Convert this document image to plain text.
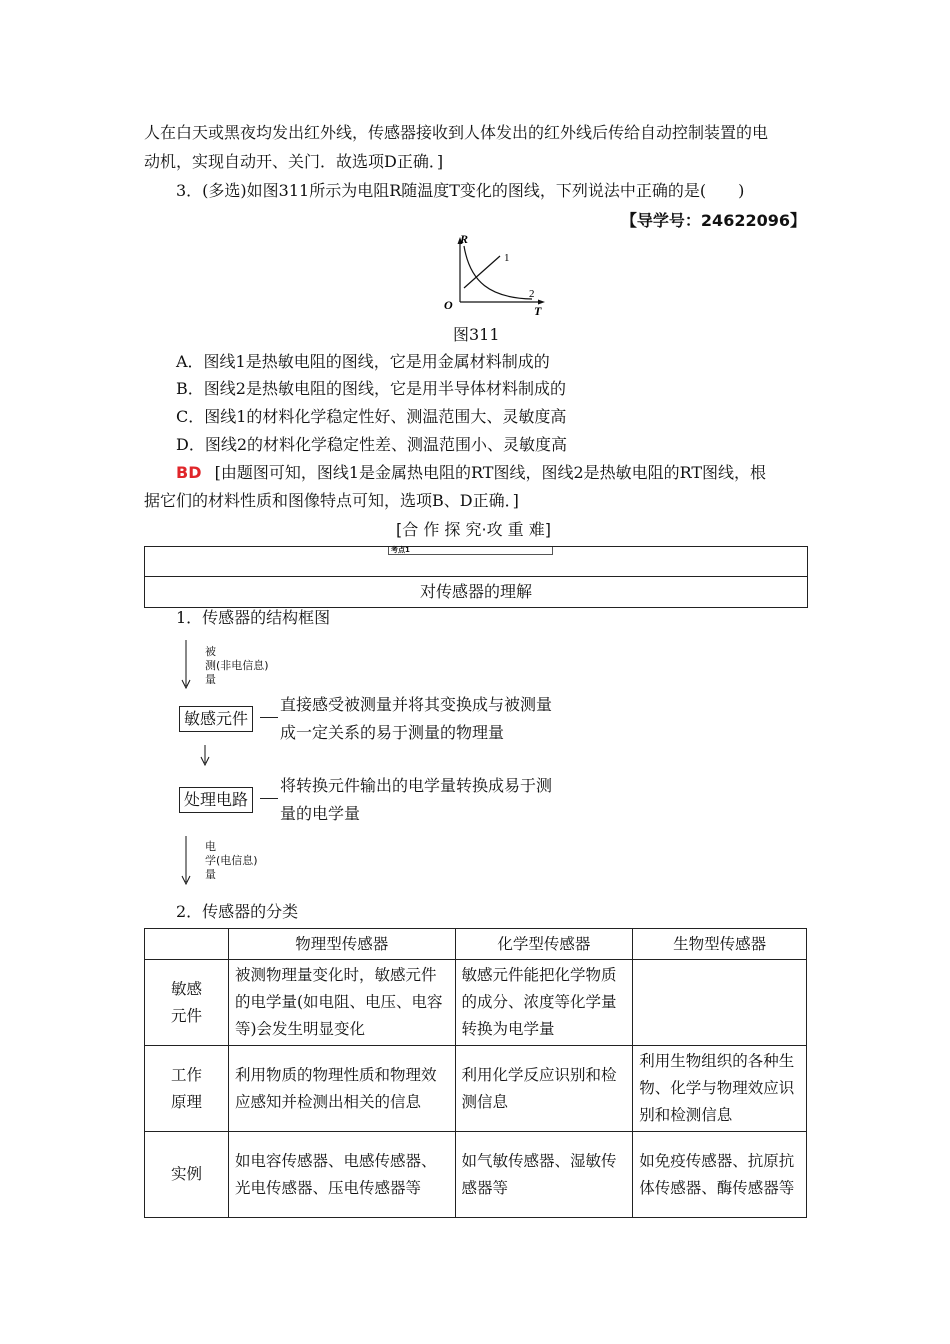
人在白天或黑夜均发出红外线，传感器接收到人体发出的红外线后传给自动控制装置的电
动机，实现自动开、关门．故选项D正确．]
3．(多选)如图311所示为电阻R随温度T变化的图线，下列说法中正确的是(　　)
【导学号：24622096】
R
T
O
1
2
图311
A．图线1是热敏电阻的图线，它是用金属材料制成的
B．图线2是热敏电阻的图线，它是用半导体材料制成的
C．图线1的材料化学稳定性好、测温范围大、灵敏度高
D．图线2的材料化学稳定性差、测温范围小、灵敏度高
BD [由题图可知，图线1是金属热电阻的RT图线，图线2是热敏电阻的RT图线，根
据它们的材料性质和图像特点可知，选项B、D正确．]
[合 作 探 究·攻 重 难]
考点1
对传感器的理解
1．传感器的结构框图
被
测(非电信息)
量
敏感元件
直接感受被测量并将其变换成与被测量
成一定关系的易于测量的物理量
处理电路
将转换元件输出的电学量转换成易于测
量的电学量
电
学(电信息)
量
2．传感器的分类
	物理型传感器	化学型传感器	生物型传感器
敏感元件	被测物理量变化时，敏感元件的电学量(如电阻、电压、电容等)会发生明显变化	敏感元件能把化学物质的成分、浓度等化学量转换为电学量	
工作原理	利用物质的物理性质和物理效应感知并检测出相关的信息	利用化学反应识别和检测信息	利用生物组织的各种生物、化学与物理效应识别和检测信息
实例	如电容传感器、电感传感器、光电传感器、压电传感器等	如气敏传感器、湿敏传感器等	如免疫传感器、抗原抗体传感器、酶传感器等
